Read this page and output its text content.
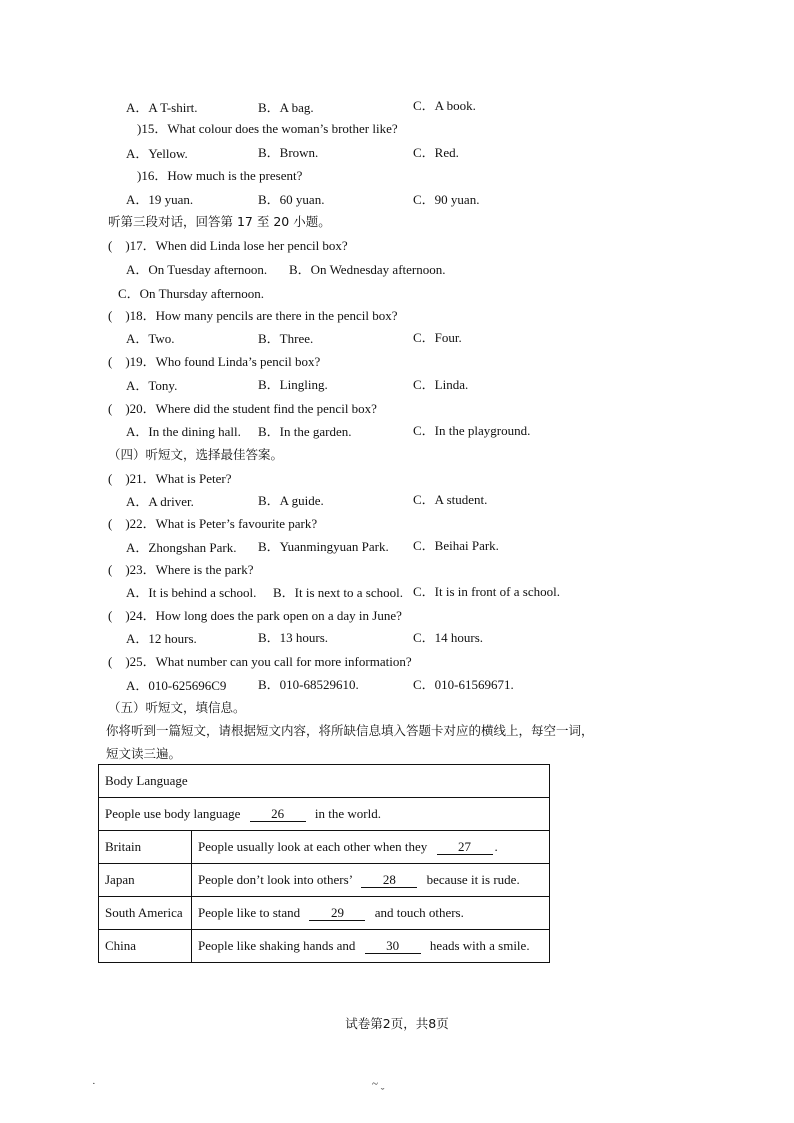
A．A T-shirt.	B．A bag.	C．A book.
)15．What colour does the woman’s brother like?
A．Yellow.	B．Brown.	C．Red.
)16．How much is the present?
A．19 yuan.	B．60 yuan.	C．90 yuan.
听第三段对话，回答第 17 至 20 小题。
(    )17．When did Linda lose her pencil box?
A．On Tuesday afternoon. B．On Wednesday afternoon.
C．On Thursday afternoon.
(    )18．How many pencils are there in the pencil box?
A．Two.	B．Three.	C．Four.
(    )19．Who found Linda’s pencil box?
A．Tony.	B．Lingling.	C．Linda.
(    )20．Where did the student find the pencil box?
A．In the dining hall. B．In the garden.	C．In the playground.
（四）听短文，选择最佳答案。
(    )21．What is Peter?
A．A driver.	B．A guide.	C．A student.
(    )22．What is Peter’s favourite park?
A．Zhongshan Park. B．Yuanmingyuan Park. C．Beihai Park.
(    )23．Where is the park?
A．It is behind a school. B．It is next to a school. C．It is in front of a school.
(    )24．How long does the park open on a day in June?
A．12 hours.	B．13 hours.	C．14 hours.
(    )25．What number can you call for more information?
A．010-625696C9 B．010-68529610.	C．010-61569671.
（五）听短文，填信息。
你将听到一篇短文，请根据短文内容，将所缺信息填入答题卡对应的横线上，每空一词，
短文读三遍。
Body Language	
People use body language 26 in the world.	
Britain	People usually look at each other when they 27 .
Japan	People don’t look into others’ 28 because it is rude.
South America	People like to stand 29 and touch others.
China	People like shaking hands and 30 heads with a smile.
试卷第2页，共8页
·	~ ˬ
